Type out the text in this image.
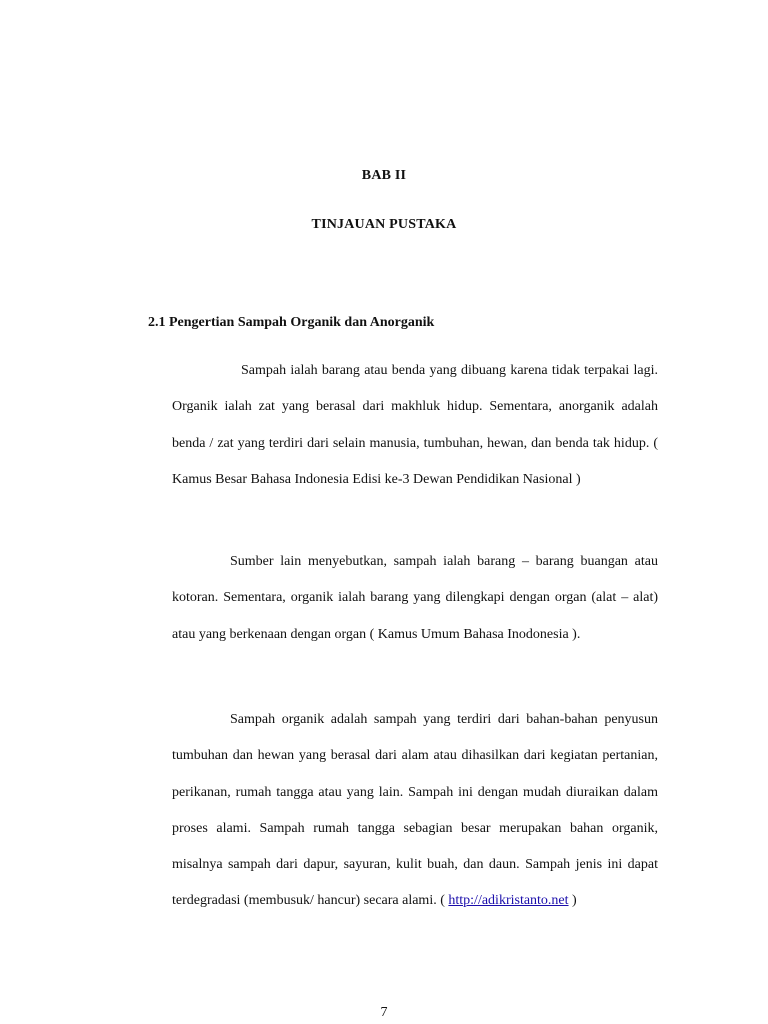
BAB II
TINJAUAN PUSTAKA
2.1 Pengertian Sampah Organik dan Anorganik

Sampah ialah barang atau benda yang dibuang karena tidak terpakai lagi. Organik ialah zat yang berasal dari makhluk hidup. Sementara, anorganik adalah benda / zat yang terdiri dari selain manusia, tumbuhan, hewan, dan benda tak hidup. ( Kamus Besar Bahasa Indonesia Edisi ke-3 Dewan Pendidikan Nasional )

Sumber lain menyebutkan, sampah ialah barang – barang buangan atau kotoran. Sementara, organik ialah barang yang dilengkapi dengan organ (alat – alat) atau yang berkenaan dengan organ ( Kamus Umum Bahasa Inodonesia ).

Sampah organik adalah sampah yang terdiri dari bahan-bahan penyusun tumbuhan dan hewan yang berasal dari alam atau dihasilkan dari kegiatan pertanian, perikanan, rumah tangga atau yang lain. Sampah ini dengan mudah diuraikan dalam proses alami. Sampah rumah tangga sebagian besar merupakan bahan organik, misalnya sampah dari dapur, sayuran, kulit buah, dan daun. Sampah jenis ini dapat terdegradasi (membusuk/ hancur) secara alami. ( http://adikristanto.net )

7
